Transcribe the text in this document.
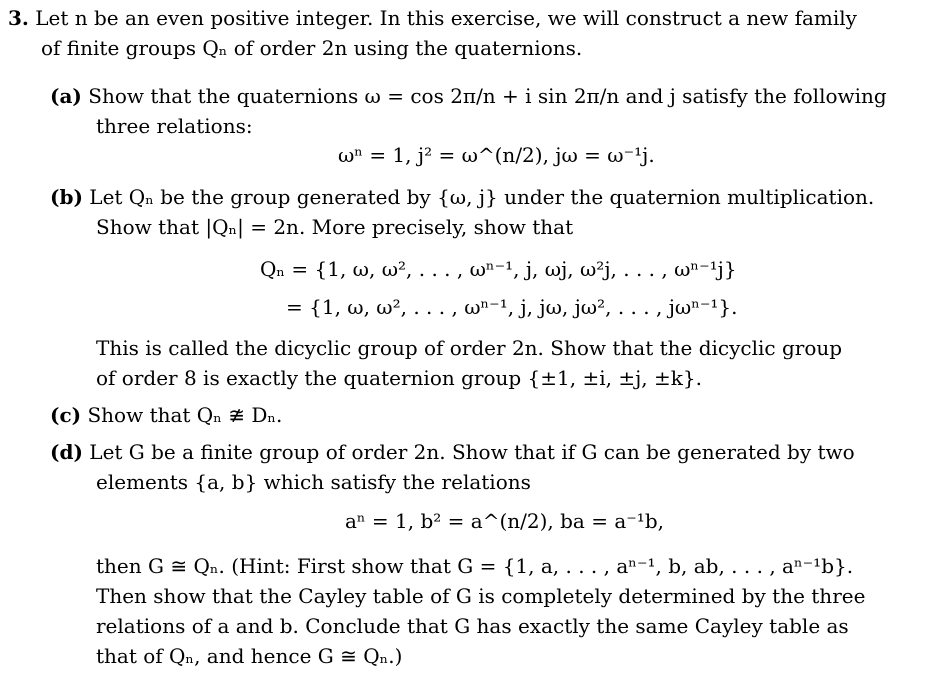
3. Let n be an even positive integer. In this exercise, we will construct a new family
of finite groups Qₙ of order 2n using the quaternions.
(a) Show that the quaternions ω = cos 2π/n + i sin 2π/n and j satisfy the following
three relations:
ωⁿ = 1, j² = ω^(n/2), jω = ω⁻¹j.
(b) Let Qₙ be the group generated by {ω, j} under the quaternion multiplication.
Show that |Qₙ| = 2n. More precisely, show that
Qₙ = {1, ω, ω², . . . , ωⁿ⁻¹, j, ωj, ω²j, . . . , ωⁿ⁻¹j}
= {1, ω, ω², . . . , ωⁿ⁻¹, j, jω, jω², . . . , jωⁿ⁻¹}.
This is called the dicyclic group of order 2n. Show that the dicyclic group
of order 8 is exactly the quaternion group {±1, ±i, ±j, ±k}.
(c) Show that Qₙ ≇ Dₙ.
(d) Let G be a finite group of order 2n. Show that if G can be generated by two
elements {a, b} which satisfy the relations
aⁿ = 1, b² = a^(n/2), ba = a⁻¹b,
then G ≅ Qₙ. (Hint: First show that G = {1, a, . . . , aⁿ⁻¹, b, ab, . . . , aⁿ⁻¹b}.
Then show that the Cayley table of G is completely determined by the three
relations of a and b. Conclude that G has exactly the same Cayley table as
that of Qₙ, and hence G ≅ Qₙ.)
